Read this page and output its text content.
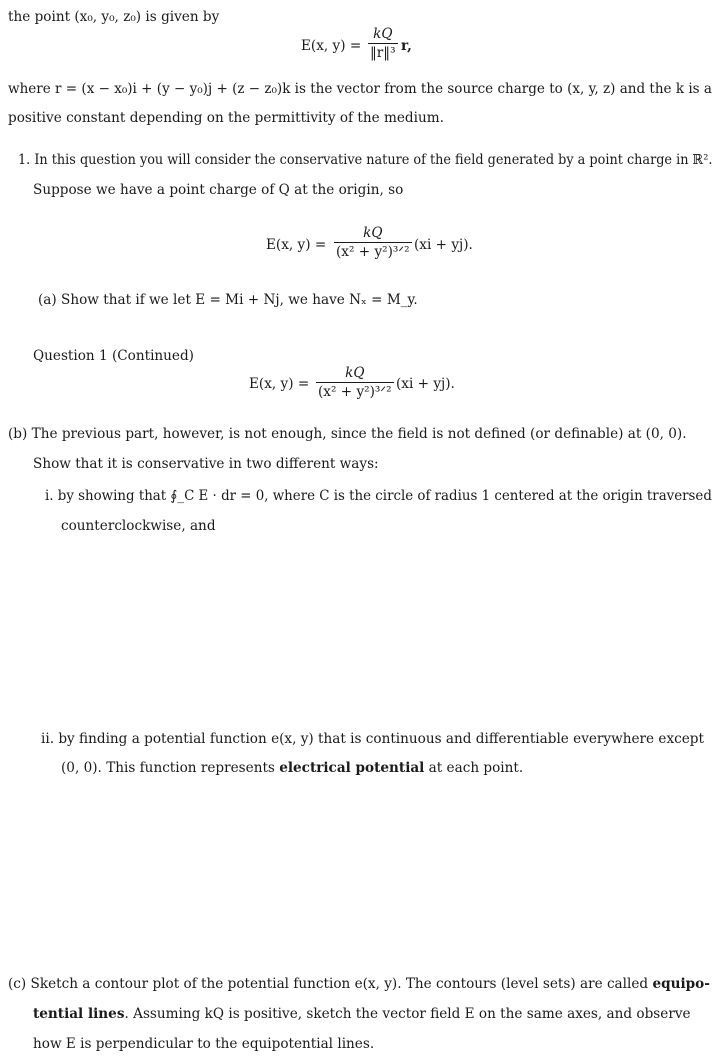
the point (x₀, y₀, z₀) is given by
E(x, y) =
kQ
‖r‖³ r,
where r = (x − x₀)i + (y − y₀)j + (z − z₀)k is the vector from the source charge to (x, y, z) and the k is a
positive constant depending on the permittivity of the medium.
1. In this question you will consider the conservative nature of the field generated by a point charge in ℝ².
Suppose we have a point charge of Q at the origin, so
E(x, y) =
kQ
(x² + y²)³ᐟ² (xi + yj).
(a) Show that if we let E = Mi + Nj, we have Nₓ = M_y.
Question 1 (Continued)
E(x, y) =
kQ
(x² + y²)³ᐟ² (xi + yj).
(b) The previous part, however, is not enough, since the field is not defined (or definable) at (0, 0).
Show that it is conservative in two different ways:
i. by showing that ∮_C E · dr = 0, where C is the circle of radius 1 centered at the origin traversed
counterclockwise, and
ii. by finding a potential function e(x, y) that is continuous and differentiable everywhere except
(0, 0). This function represents electrical potential at each point.
(c) Sketch a contour plot of the potential function e(x, y). The contours (level sets) are called equipo-
tential lines. Assuming kQ is positive, sketch the vector field E on the same axes, and observe
how E is perpendicular to the equipotential lines.
